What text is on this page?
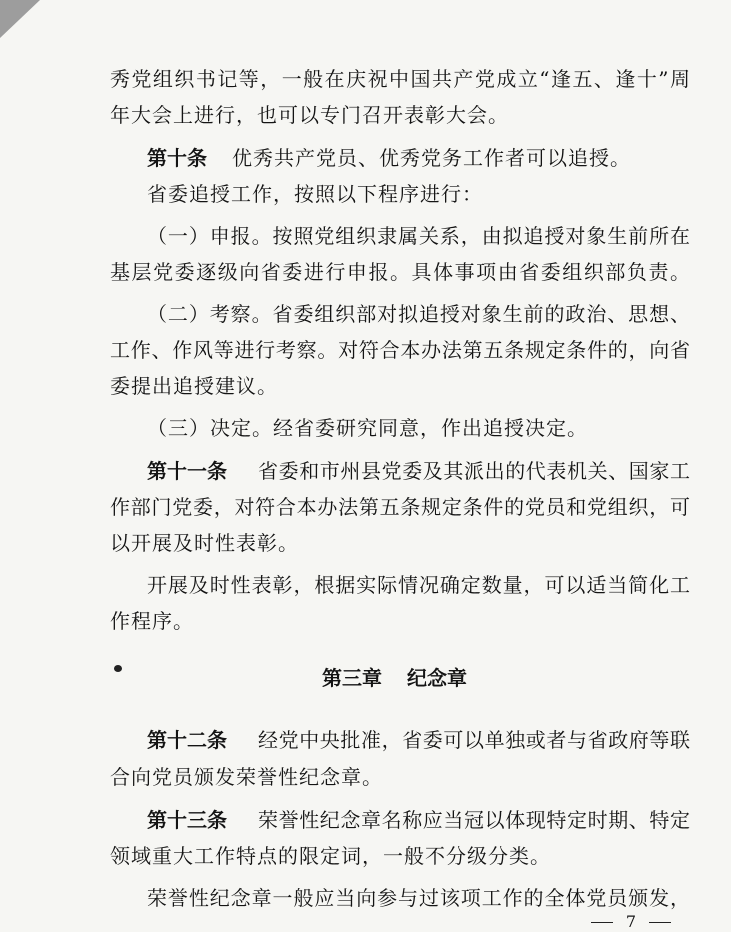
秀党组织书记等，一般在庆祝中国共产党成立“逢五、逢十”周
年大会上进行，也可以专门召开表彰大会。
第十条 优秀共产党员、优秀党务工作者可以追授。
省委追授工作，按照以下程序进行：
（一）申报。按照党组织隶属关系，由拟追授对象生前所在
基层党委逐级向省委进行申报。具体事项由省委组织部负责。
（二）考察。省委组织部对拟追授对象生前的政治、思想、
工作、作风等进行考察。对符合本办法第五条规定条件的，向省
委提出追授建议。
（三）决定。经省委研究同意，作出追授决定。
第十一条 省委和市州县党委及其派出的代表机关、国家工
作部门党委，对符合本办法第五条规定条件的党员和党组织，可
以开展及时性表彰。
开展及时性表彰，根据实际情况确定数量，可以适当简化工
作程序。
第三章 纪念章
第十二条 经党中央批准，省委可以单独或者与省政府等联
合向党员颁发荣誉性纪念章。
第十三条 荣誉性纪念章名称应当冠以体现特定时期、特定
领域重大工作特点的限定词，一般不分级分类。
荣誉性纪念章一般应当向参与过该项工作的全体党员颁发，
7
